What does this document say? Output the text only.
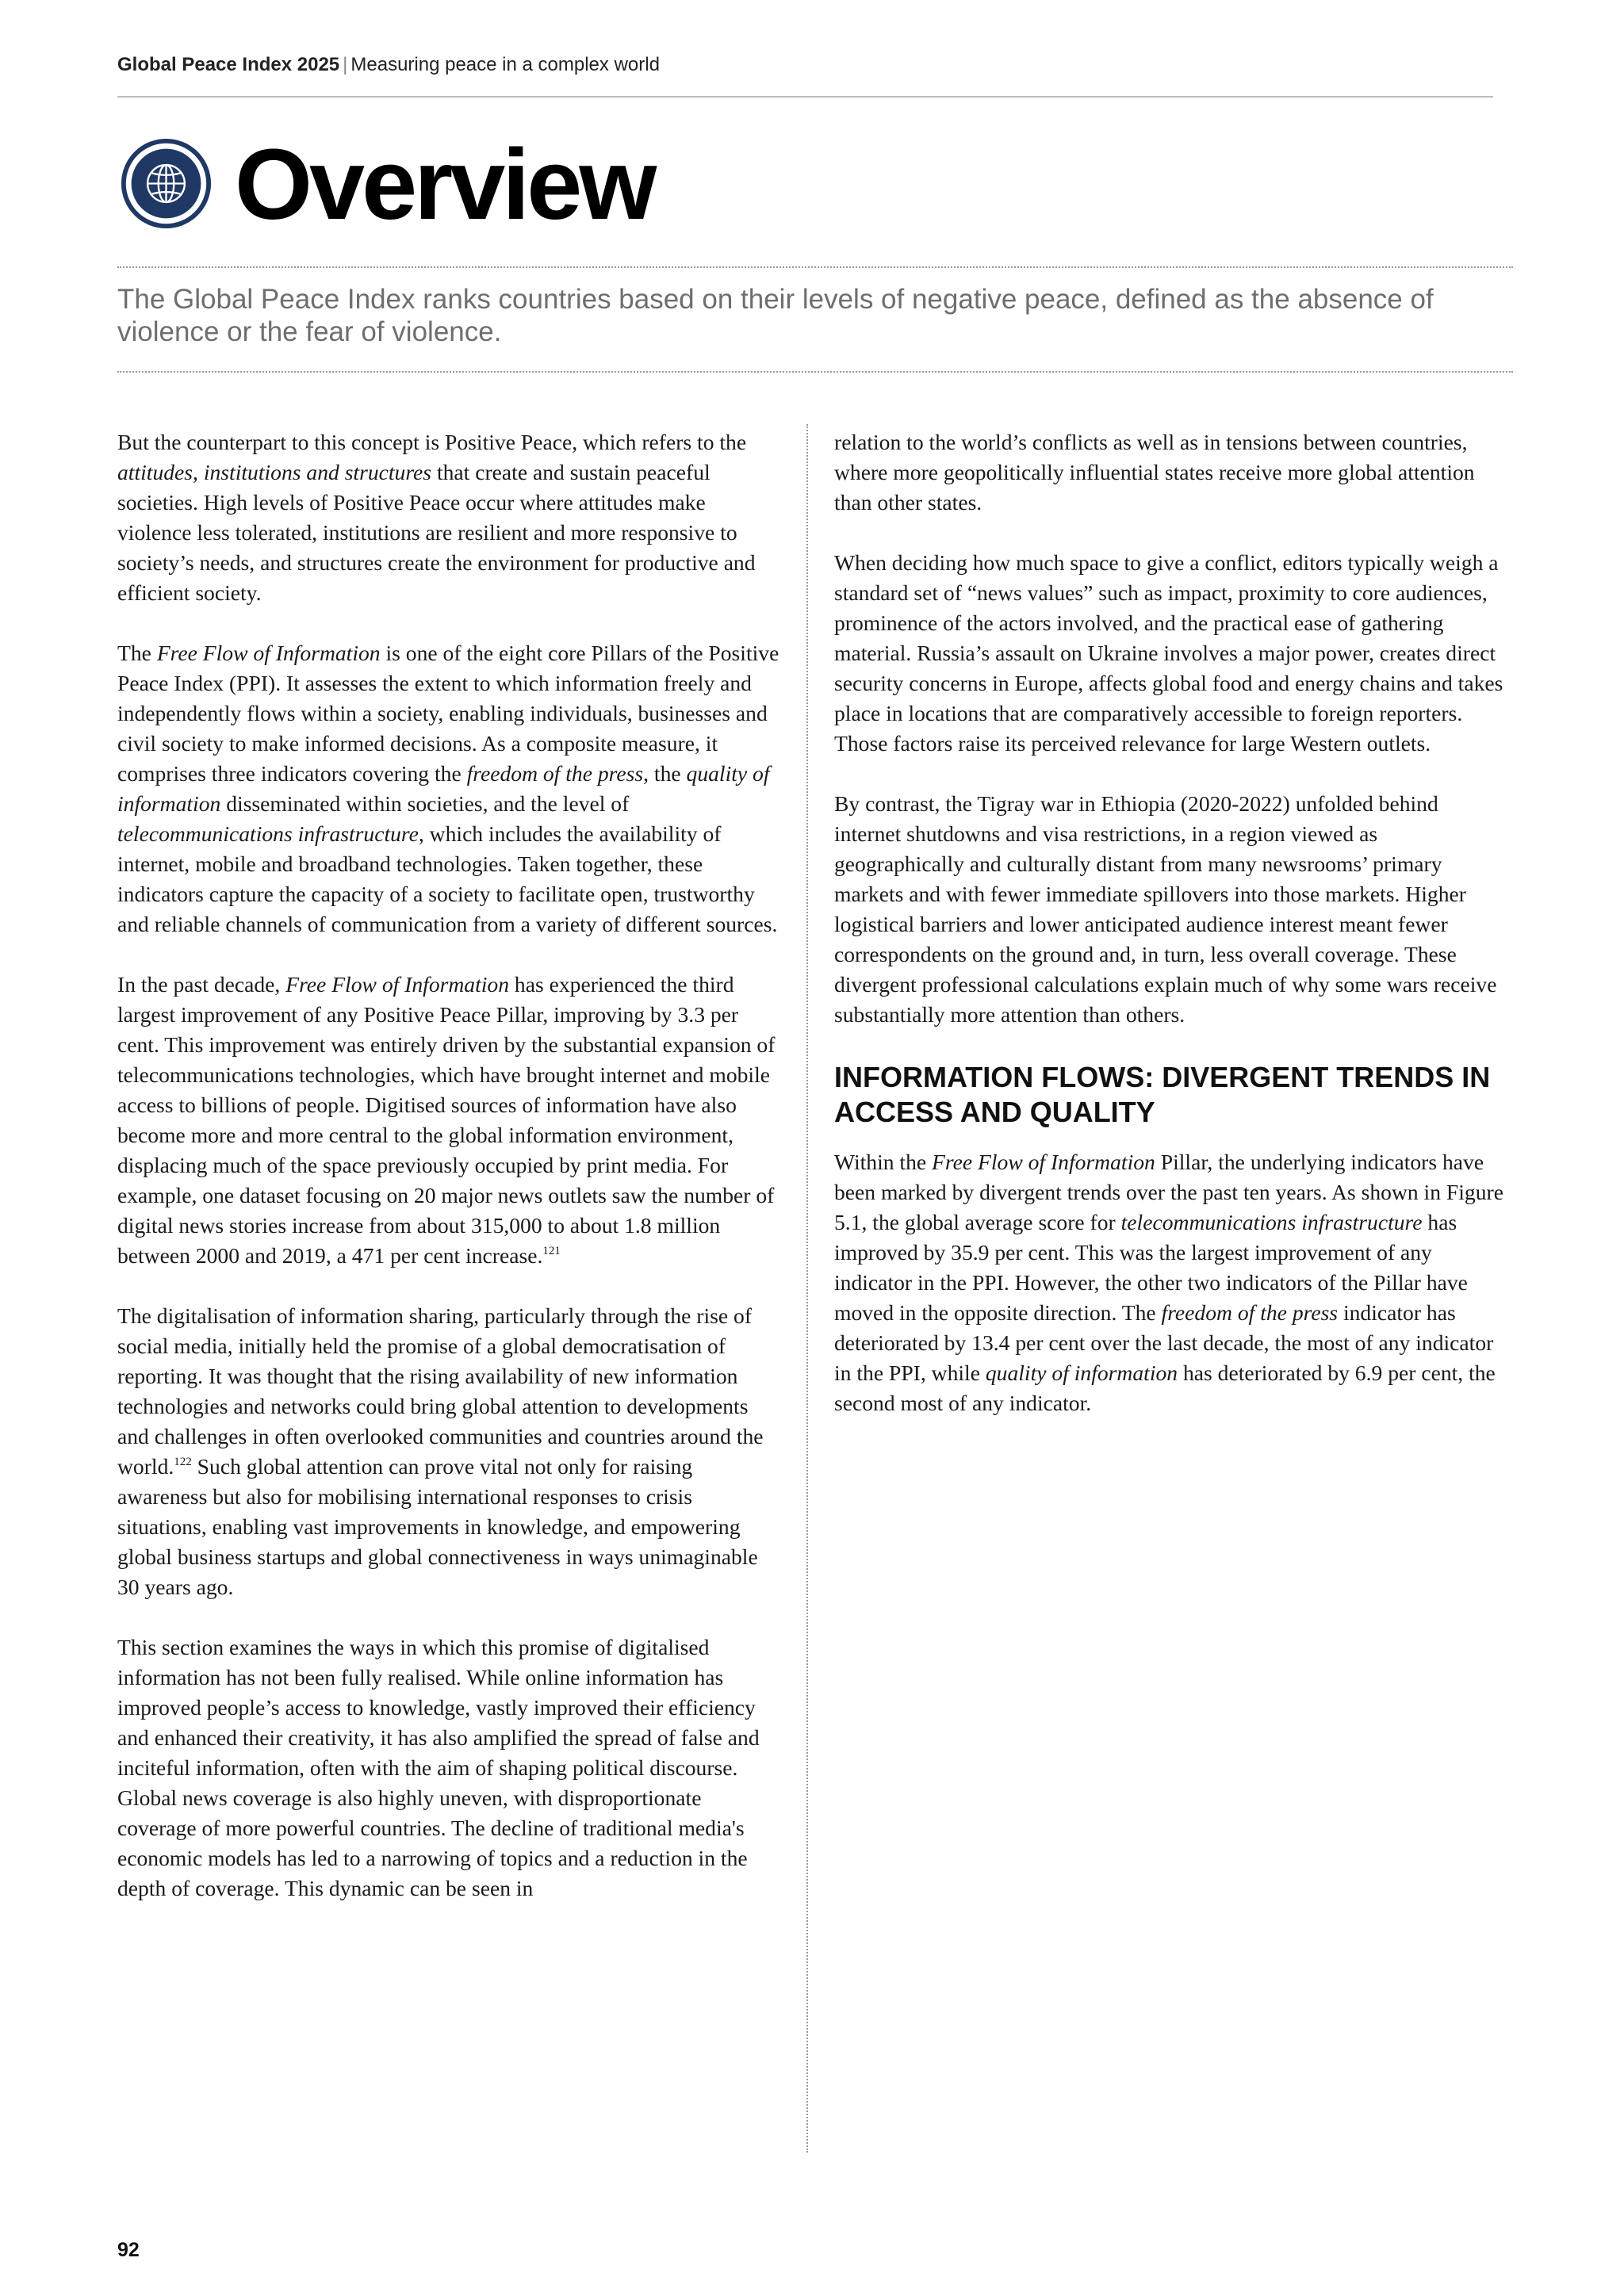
Global Peace Index 2025 | Measuring peace in a complex world
Overview

The Global Peace Index ranks countries based on their levels of negative peace, defined as the absence of violence or the fear of violence.

But the counterpart to this concept is Positive Peace, which refers to the attitudes, institutions and structures that create and sustain peaceful societies. High levels of Positive Peace occur where attitudes make violence less tolerated, institutions are resilient and more responsive to society’s needs, and structures create the environment for productive and efficient society.

The Free Flow of Information is one of the eight core Pillars of the Positive Peace Index (PPI). It assesses the extent to which information freely and independently flows within a society, enabling individuals, businesses and civil society to make informed decisions. As a composite measure, it comprises three indicators covering the freedom of the press, the quality of information disseminated within societies, and the level of telecommunications infrastructure, which includes the availability of internet, mobile and broadband technologies. Taken together, these indicators capture the capacity of a society to facilitate open, trustworthy and reliable channels of communication from a variety of different sources.

In the past decade, Free Flow of Information has experienced the third largest improvement of any Positive Peace Pillar, improving by 3.3 per cent. This improvement was entirely driven by the substantial expansion of telecommunications technologies, which have brought internet and mobile access to billions of people. Digitised sources of information have also become more and more central to the global information environment, displacing much of the space previously occupied by print media. For example, one dataset focusing on 20 major news outlets saw the number of digital news stories increase from about 315,000 to about 1.8 million between 2000 and 2019, a 471 per cent increase.$^{121}$

The digitalisation of information sharing, particularly through the rise of social media, initially held the promise of a global democratisation of reporting. It was thought that the rising availability of new information technologies and networks could bring global attention to developments and challenges in often overlooked communities and countries around the world.$^{122}$ Such global attention can prove vital not only for raising awareness but also for mobilising international responses to crisis situations, enabling vast improvements in knowledge, and empowering global business startups and global connectiveness in ways unimaginable 30 years ago.

This section examines the ways in which this promise of digitalised information has not been fully realised. While online information has improved people’s access to knowledge, vastly improved their efficiency and enhanced their creativity, it has also amplified the spread of false and inciteful information, often with the aim of shaping political discourse. Global news coverage is also highly uneven, with disproportionate coverage of more powerful countries. The decline of traditional media's economic models has led to a narrowing of topics and a reduction in the depth of coverage. This dynamic can be seen in

relation to the world’s conflicts as well as in tensions between countries, where more geopolitically influential states receive more global attention than other states.

When deciding how much space to give a conflict, editors typically weigh a standard set of “news values” such as impact, proximity to core audiences, prominence of the actors involved, and the practical ease of gathering material. Russia’s assault on Ukraine involves a major power, creates direct security concerns in Europe, affects global food and energy chains and takes place in locations that are comparatively accessible to foreign reporters. Those factors raise its perceived relevance for large Western outlets.

By contrast, the Tigray war in Ethiopia (2020-2022) unfolded behind internet shutdowns and visa restrictions, in a region viewed as geographically and culturally distant from many newsrooms’ primary markets and with fewer immediate spillovers into those markets. Higher logistical barriers and lower anticipated audience interest meant fewer correspondents on the ground and, in turn, less overall coverage. These divergent professional calculations explain much of why some wars receive substantially more attention than others.

INFORMATION FLOWS: DIVERGENT TRENDS IN ACCESS AND QUALITY

Within the Free Flow of Information Pillar, the underlying indicators have been marked by divergent trends over the past ten years. As shown in Figure 5.1, the global average score for telecommunications infrastructure has improved by 35.9 per cent. This was the largest improvement of any indicator in the PPI. However, the other two indicators of the Pillar have moved in the opposite direction. The freedom of the press indicator has deteriorated by 13.4 per cent over the last decade, the most of any indicator in the PPI, while quality of information has deteriorated by 6.9 per cent, the second most of any indicator.

92
